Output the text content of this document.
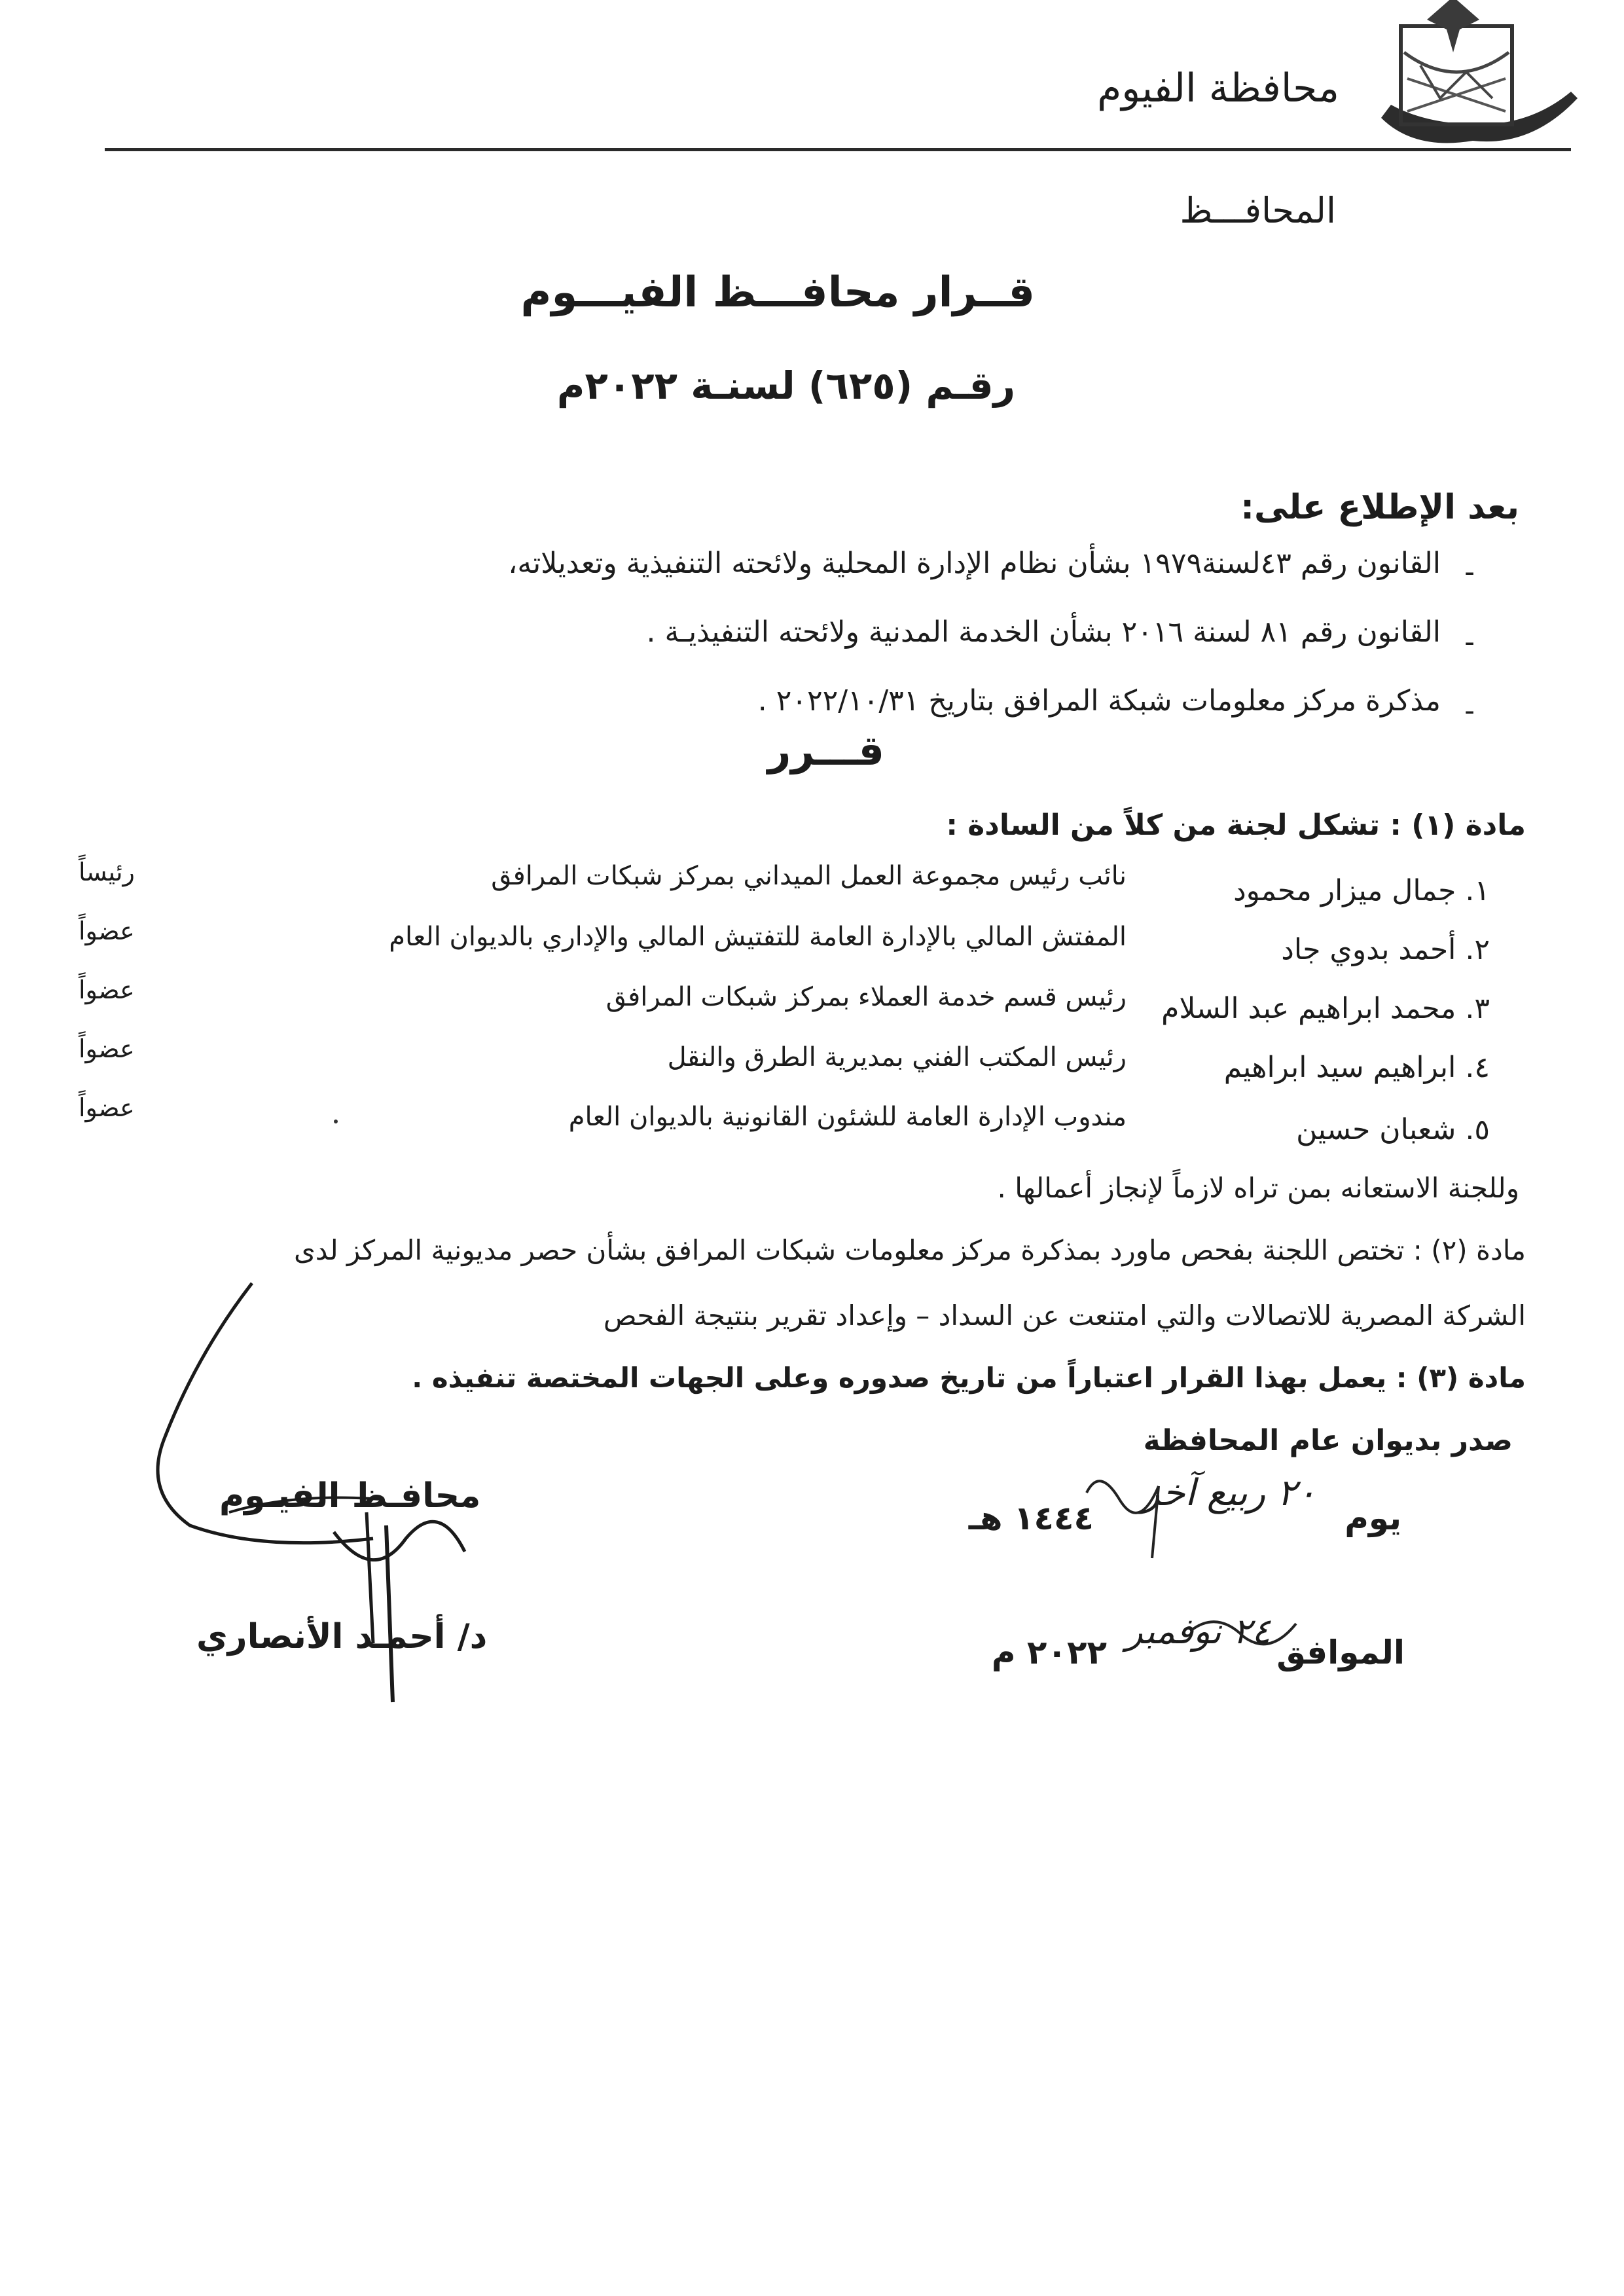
محافظة الفيوم
المحافـــظ
قــرار محافـــظ الفيـــوم
رقـم (٦٢٥) لسنـة ٢٠٢٢م
بعد الإطلاع على:
-
القانون رقم ٤٣لسنة١٩٧٩ بشأن نظام الإدارة المحلية ولائحته التنفيذية وتعديلاته،
-
القانون رقم ٨١ لسنة ٢٠١٦ بشأن الخدمة المدنية ولائحته التنفيذيـة .
-
مذكرة مركز معلومات شبكة المرافق بتاريخ ٢٠٢٢/١٠/٣١ .
قـــرر
مادة (١) : تشكل لجنة من كلاً من السادة :
١. جمال ميزار محمود
نائب رئيس مجموعة العمل الميداني بمركز شبكات المرافق
رئيساً
٢. أحمد بدوي جاد
المفتش المالي بالإدارة العامة للتفتيش المالي والإداري بالديوان العام
عضواً
٣. محمد ابراهيم عبد السلام
رئيس قسم خدمة العملاء بمركز شبكات المرافق
عضواً
٤. ابراهيم سيد ابراهيم
رئيس المكتب الفني بمديرية الطرق والنقل
عضواً
٥. شعبان حسين
مندوب الإدارة العامة للشئون القانونية بالديوان العام
عضواً
وللجنة الاستعانه بمن تراه لازماً لإنجاز أعمالها .
مادة (٢) : تختص اللجنة بفحص ماورد بمذكرة مركز معلومات شبكات المرافق بشأن حصر مديونية المركز لدى
الشركة المصرية للاتصالات والتي امتنعت عن السداد – وإعداد تقرير بنتيجة الفحص
مادة (٣) : يعمل بهذا القرار اعتباراً من تاريخ صدوره وعلى الجهات المختصة تنفيذه .
صدر بديوان عام المحافظة
يوم
٢٠ ربيع آخر
١٤٤٤ هـ
الموافق
٢٤ نوفمبر
٢٠٢٢ م
محافـظ الفيـوم
د/ أحمـد الأنصاري
